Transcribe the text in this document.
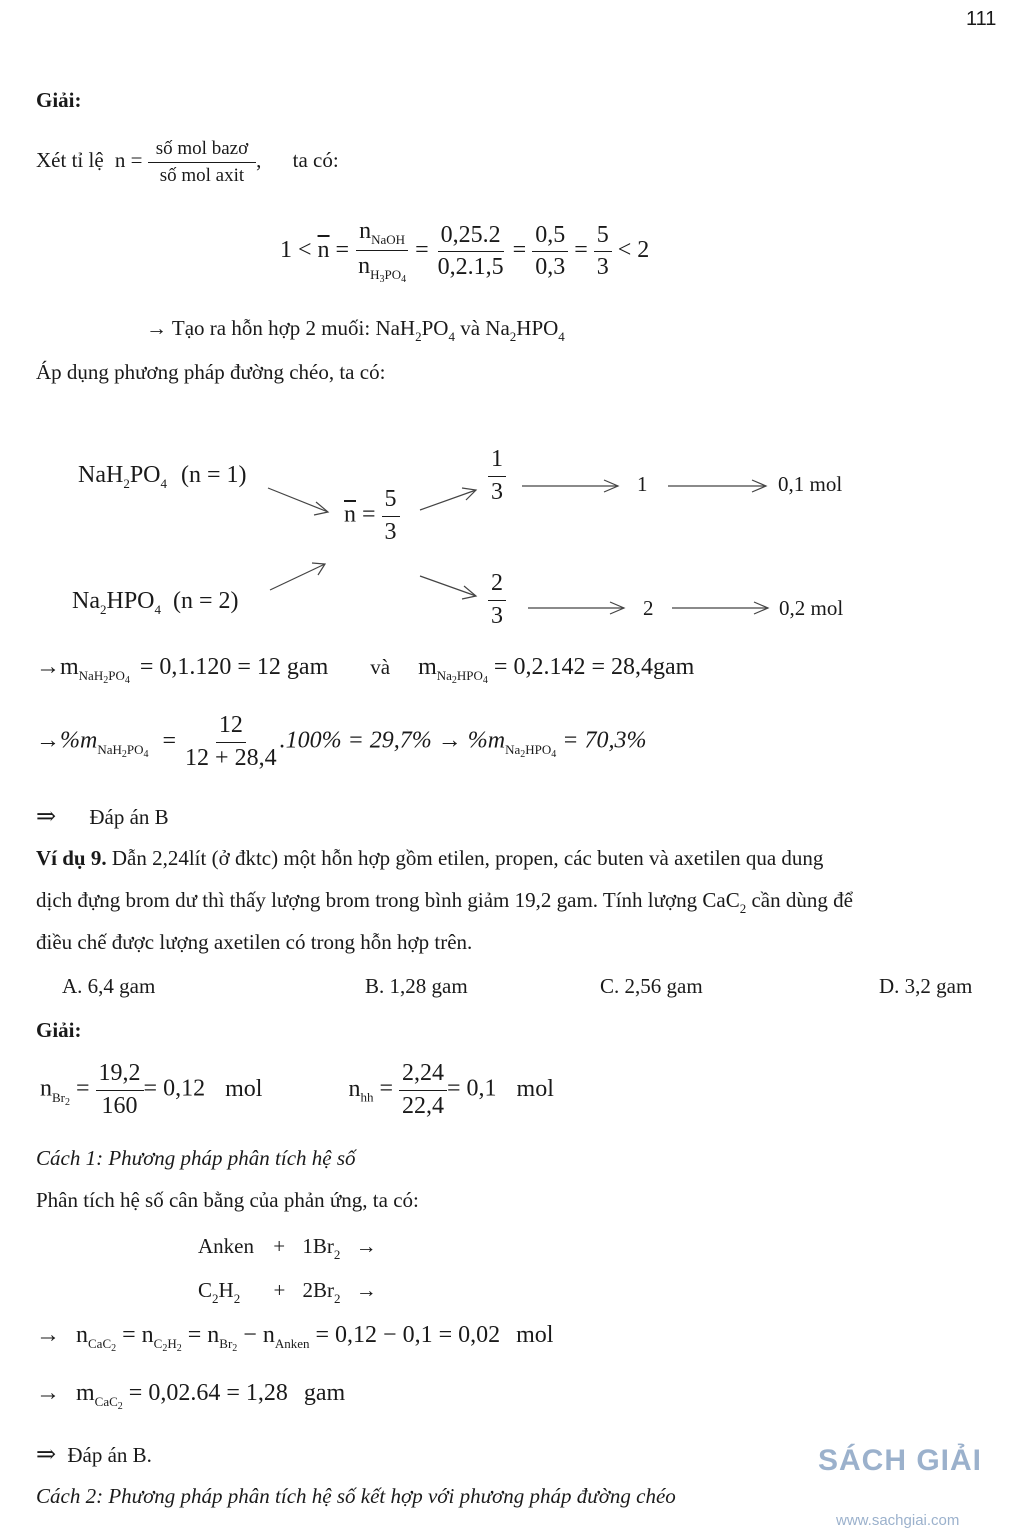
111
Giải:
Xét tỉ lệ $n = \frac{\text{số mol bazơ}}{\text{số mol axit}}$ , ta có:
$1 < \overline{n} = \frac{n_{NaOH}}{n_{H_3PO_4}} = \frac{0,25.2}{0,2.1,5} = \frac{0,5}{0,3} = \frac{5}{3} < 2$
→ Tạo ra hỗn hợp 2 muối: $NaH_2PO_4$ và $Na_2HPO_4$
Áp dụng phương pháp đường chéo, ta có:
$NaH_2PO_4$ (n = 1)
$Na_2HPO_4$ (n = 2)
$\overline{n} = \frac{5}{3}$
$\frac{1}{3}$
$\frac{2}{3}$
1
2
0,1 mol
0,2 mol
$\to m_{NaH_2PO_4} = 0,1.120 = 12$ gam và $m_{Na_2HPO_4} = 0,2.142 = 28,4gam$
$\to\%m_{NaH_2PO_4} = \frac{12}{12 + 28,4} .100\% = 29,7\% \to \%m_{Na_2HPO_4} = 70,3\%$
⇒ Đáp án B
Ví dụ 9. Dẫn 2,24lít (ở đktc) một hỗn hợp gồm etilen, propen, các buten và axetilen qua dung
dịch đựng brom dư thì thấy lượng brom trong bình giảm 19,2 gam. Tính lượng CaC$_2$ cần dùng để
điều chế được lượng axetilen có trong hỗn hợp trên.
A. 6,4 gam	B. 1,28 gam	C. 2,56 gam	D. 3,2 gam
Giải:
$n_{Br_2} = \frac{19,2}{160} = 0,12$ mol	$n_{hh} = \frac{2,24}{22,4} = 0,1$ mol
Cách 1: Phương pháp phân tích hệ số
Phân tích hệ số cân bằng của phản ứng, ta có:
Anken + $1Br_2$ →
$C_2H_2 + 2Br_2$ →
→ $n_{CaC_2} = n_{C_2H_2} = n_{Br_2} - n_{Anken} = 0,12 - 0,1 = 0,02$ mol
→ $m_{CaC_2} = 0,02.64 = 1,28$ gam
⇒ Đáp án B.
Cách 2: Phương pháp phân tích hệ số kết hợp với phương pháp đường chéo
SÁCH GIẢI
www.sachgiai.com
